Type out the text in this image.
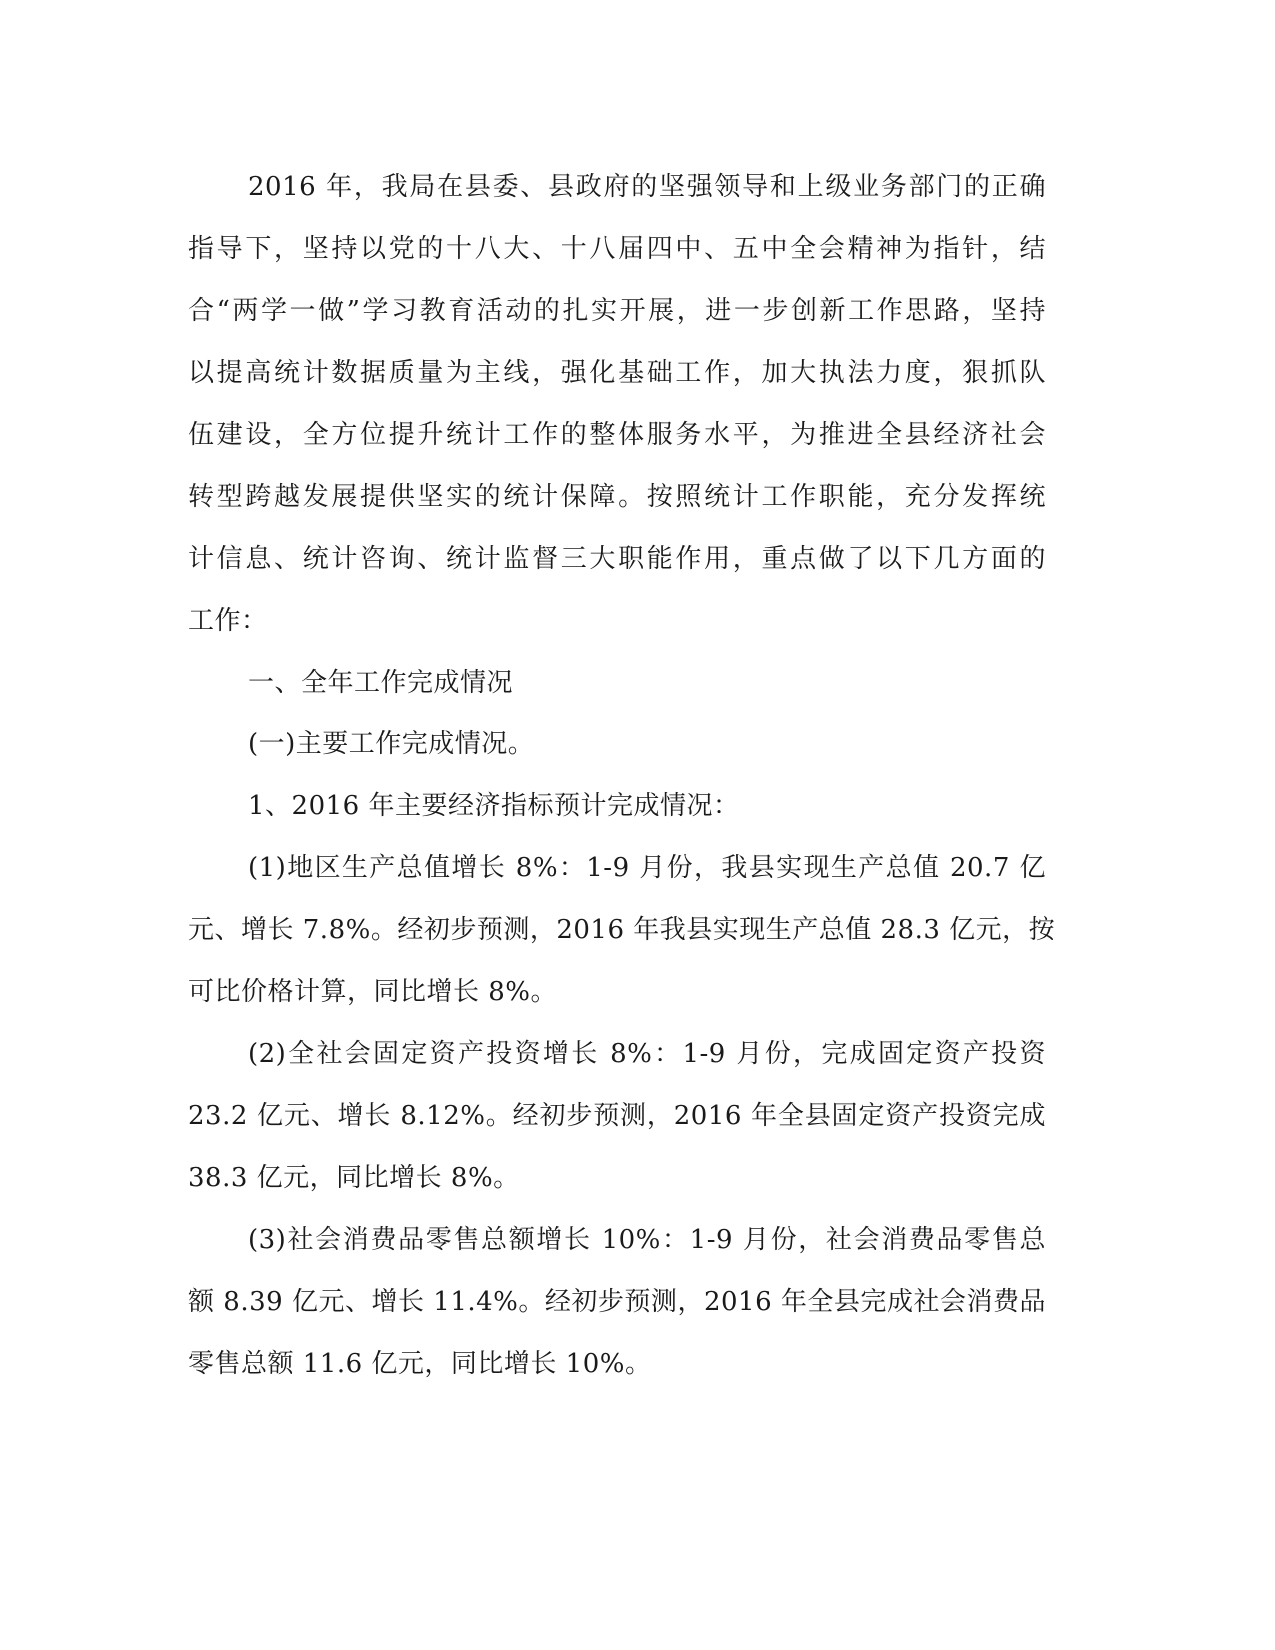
2016 年，我局在县委、县政府的坚强领导和上级业务部门的正确
指导下，坚持以党的十八大、十八届四中、五中全会精神为指针，结
合“两学一做”学习教育活动的扎实开展，进一步创新工作思路，坚持
以提高统计数据质量为主线，强化基础工作，加大执法力度，狠抓队
伍建设，全方位提升统计工作的整体服务水平，为推进全县经济社会
转型跨越发展提供坚实的统计保障。按照统计工作职能，充分发挥统
计信息、统计咨询、统计监督三大职能作用，重点做了以下几方面的
工作：
一、全年工作完成情况
(一)主要工作完成情况。
1、2016 年主要经济指标预计完成情况：
(1)地区生产总值增长 8%：1-9 月份，我县实现生产总值 20.7 亿
元、增长 7.8%。经初步预测，2016 年我县实现生产总值 28.3 亿元，按
可比价格计算，同比增长 8%。
(2)全社会固定资产投资增长 8%：1-9 月份，完成固定资产投资
23.2 亿元、增长 8.12%。经初步预测，2016 年全县固定资产投资完成
38.3 亿元，同比增长 8%。
(3)社会消费品零售总额增长 10%：1-9 月份，社会消费品零售总
额 8.39 亿元、增长 11.4%。经初步预测，2016 年全县完成社会消费品
零售总额 11.6 亿元，同比增长 10%。
